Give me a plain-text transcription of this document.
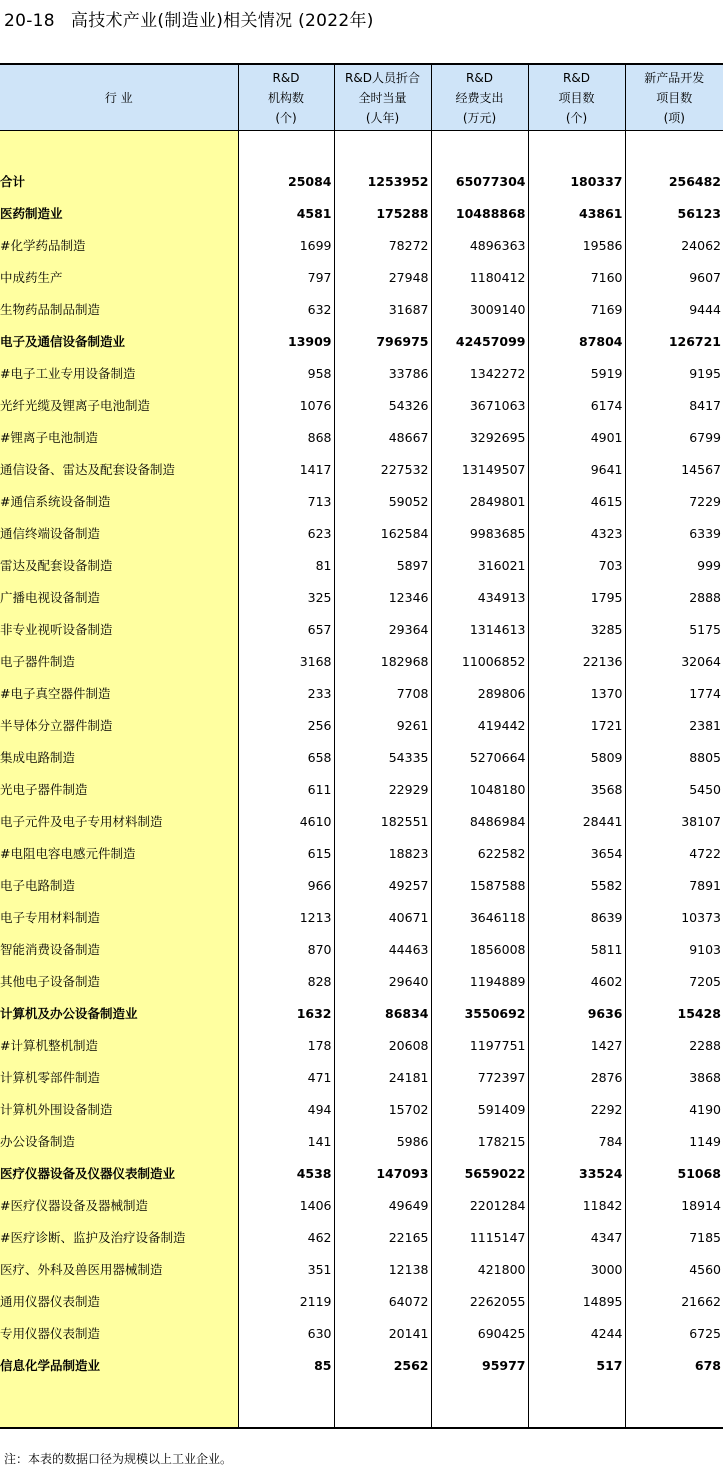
20-18 高技术产业(制造业)相关情况 (2022年)
行 业	R&D
机构数
(个)	R&D人员折合
全时当量
(人年)	R&D
经费支出
(万元)	R&D
项目数
(个)	新产品开发
项目数
(项)

合计	25084	1253952	65077304	180337	256482
医药制造业	4581	175288	10488868	43861	56123
#化学药品制造	1699	78272	4896363	19586	24062
中成药生产	797	27948	1180412	7160	9607
生物药品制品制造	632	31687	3009140	7169	9444
电子及通信设备制造业	13909	796975	42457099	87804	126721
#电子工业专用设备制造	958	33786	1342272	5919	9195
光纤光缆及锂离子电池制造	1076	54326	3671063	6174	8417
#锂离子电池制造	868	48667	3292695	4901	6799
通信设备、雷达及配套设备制造	1417	227532	13149507	9641	14567
#通信系统设备制造	713	59052	2849801	4615	7229
通信终端设备制造	623	162584	9983685	4323	6339
雷达及配套设备制造	81	5897	316021	703	999
广播电视设备制造	325	12346	434913	1795	2888
非专业视听设备制造	657	29364	1314613	3285	5175
电子器件制造	3168	182968	11006852	22136	32064
#电子真空器件制造	233	7708	289806	1370	1774
半导体分立器件制造	256	9261	419442	1721	2381
集成电路制造	658	54335	5270664	5809	8805
光电子器件制造	611	22929	1048180	3568	5450
电子元件及电子专用材料制造	4610	182551	8486984	28441	38107
#电阻电容电感元件制造	615	18823	622582	3654	4722
电子电路制造	966	49257	1587588	5582	7891
电子专用材料制造	1213	40671	3646118	8639	10373
智能消费设备制造	870	44463	1856008	5811	9103
其他电子设备制造	828	29640	1194889	4602	7205
计算机及办公设备制造业	1632	86834	3550692	9636	15428
#计算机整机制造	178	20608	1197751	1427	2288
计算机零部件制造	471	24181	772397	2876	3868
计算机外围设备制造	494	15702	591409	2292	4190
办公设备制造	141	5986	178215	784	1149
医疗仪器设备及仪器仪表制造业	4538	147093	5659022	33524	51068
#医疗仪器设备及器械制造	1406	49649	2201284	11842	18914
#医疗诊断、监护及治疗设备制造	462	22165	1115147	4347	7185
医疗、外科及兽医用器械制造	351	12138	421800	3000	4560
通用仪器仪表制造	2119	64072	2262055	14895	21662
专用仪器仪表制造	630	20141	690425	4244	6725
信息化学品制造业	85	2562	95977	517	678

注：本表的数据口径为规模以上工业企业。
